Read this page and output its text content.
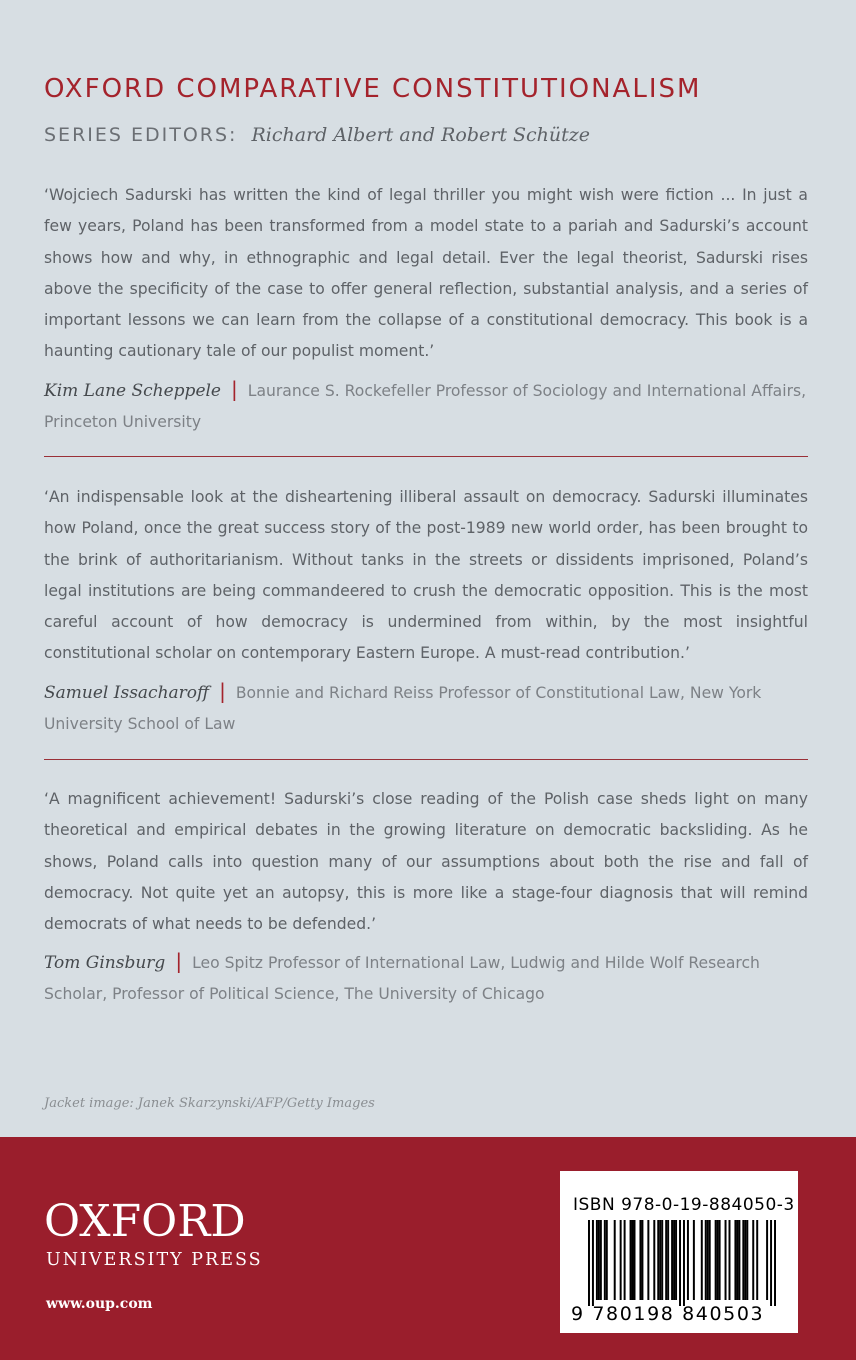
OXFORD COMPARATIVE CONSTITUTIONALISM
SERIES EDITORS: Richard Albert and Robert Schütze
‘Wojciech Sadurski has written the kind of legal thriller you might wish were fiction ... In just a few years, Poland has been transformed from a model state to a pariah and Sadurski’s account shows how and why, in ethnographic and legal detail. Ever the legal theorist, Sadurski rises above the specificity of the case to offer general reflection, substantial analysis, and a series of important lessons we can learn from the collapse of a constitutional democracy. This book is a haunting cautionary tale of our populist moment.’
Kim Lane Scheppele | Laurance S. Rockefeller Professor of Sociology and International Affairs, Princeton University
‘An indispensable look at the disheartening illiberal assault on democracy. Sadurski illuminates how Poland, once the great success story of the post-1989 new world order, has been brought to the brink of authoritarianism. Without tanks in the streets or dissidents imprisoned, Poland’s legal institutions are being commandeered to crush the democratic opposition. This is the most careful account of how democracy is undermined from within, by the most insightful constitutional scholar on contemporary Eastern Europe. A must-read contribution.’
Samuel Issacharoff | Bonnie and Richard Reiss Professor of Constitutional Law, New York University School of Law
‘A magnificent achievement! Sadurski’s close reading of the Polish case sheds light on many theoretical and empirical debates in the growing literature on democratic backsliding. As he shows, Poland calls into question many of our assumptions about both the rise and fall of democracy. Not quite yet an autopsy, this is more like a stage-four diagnosis that will remind democrats of what needs to be defended.’
Tom Ginsburg | Leo Spitz Professor of International Law, Ludwig and Hilde Wolf Research Scholar, Professor of Political Science, The University of Chicago
Jacket image: Janek Skarzynski/AFP/Getty Images
OXFORD
UNIVERSITY PRESS
www.oup.com
ISBN 978-0-19-884050-3
9 780198 840503
